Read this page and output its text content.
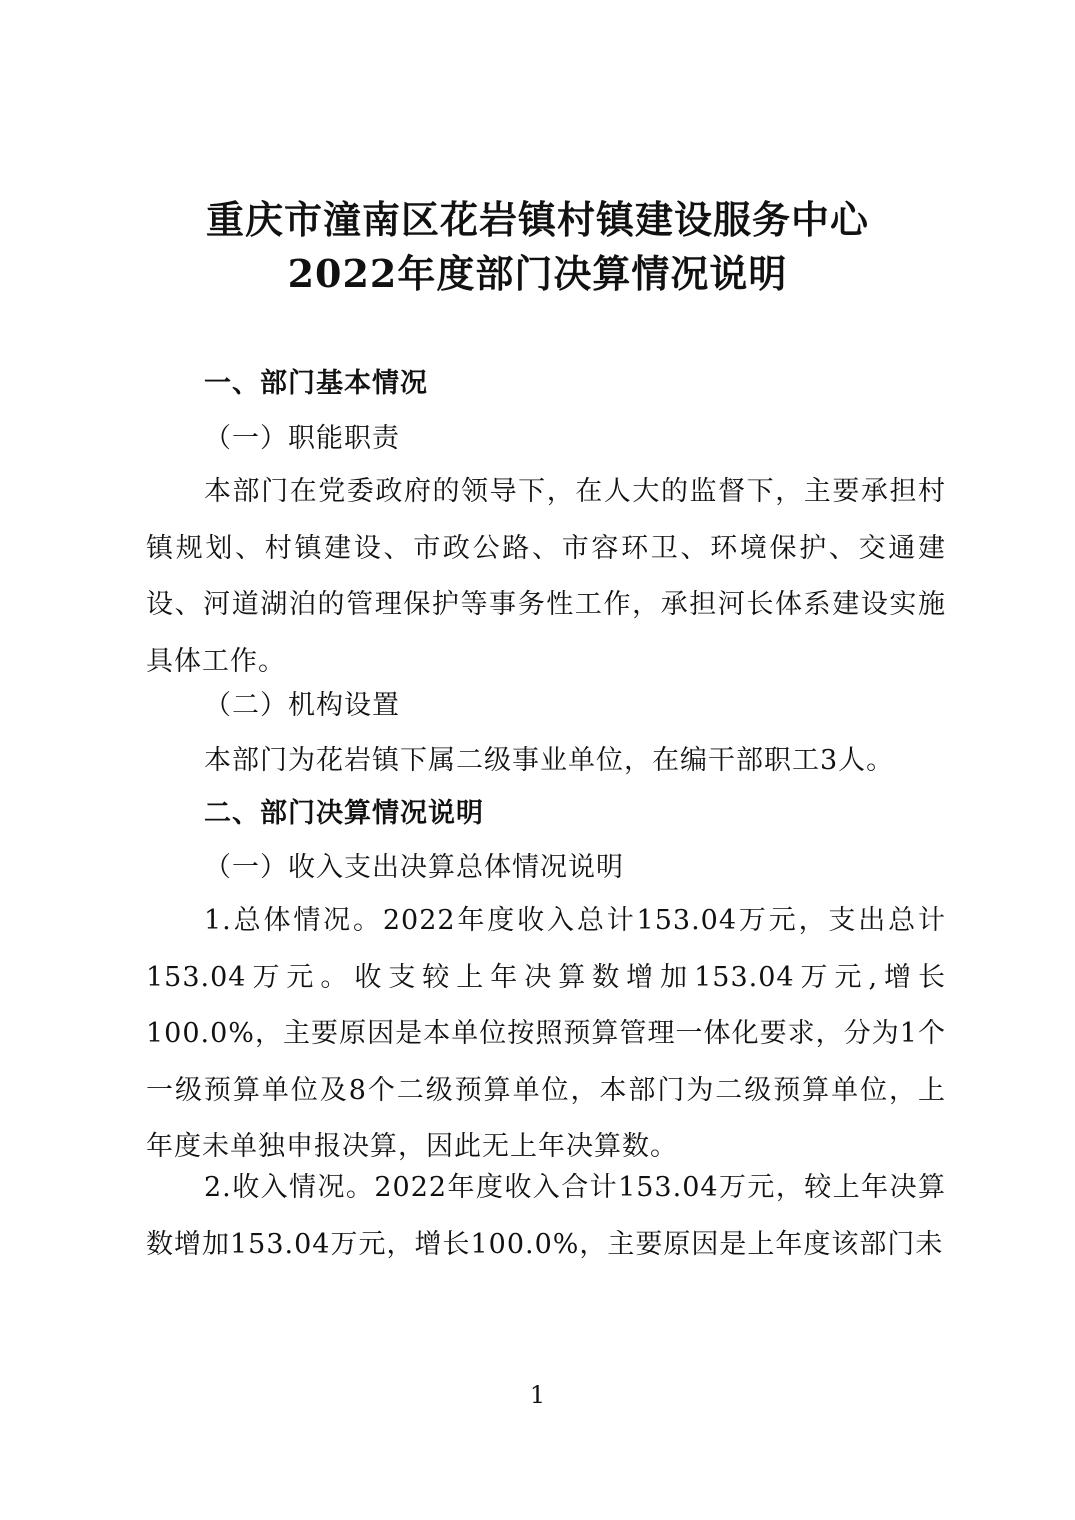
重庆市潼南区花岩镇村镇建设服务中心
2022年度部门决算情况说明
一、部门基本情况
（一）职能职责

本部门在党委政府的领导下，在人大的监督下，主要承担村镇规划、村镇建设、市政公路、市容环卫、环境保护、交通建设、河道湖泊的管理保护等事务性工作，承担河长体系建设实施具体工作。

（二）机构设置

本部门为花岩镇下属二级事业单位，在编干部职工3人。

二、部门决算情况说明
（一）收入支出决算总体情况说明

1.总体情况。2022年度收入总计153.04万元，支出总计153.04万元。收支较上年决算数增加153.04万元,增长100.0%，主要原因是本单位按照预算管理一体化要求，分为1个一级预算单位及8个二级预算单位，本部门为二级预算单位，上年度未单独申报决算，因此无上年决算数。

2.收入情况。2022年度收入合计153.04万元，较上年决算数增加153.04万元，增长100.0%，主要原因是上年度该部门未

1
